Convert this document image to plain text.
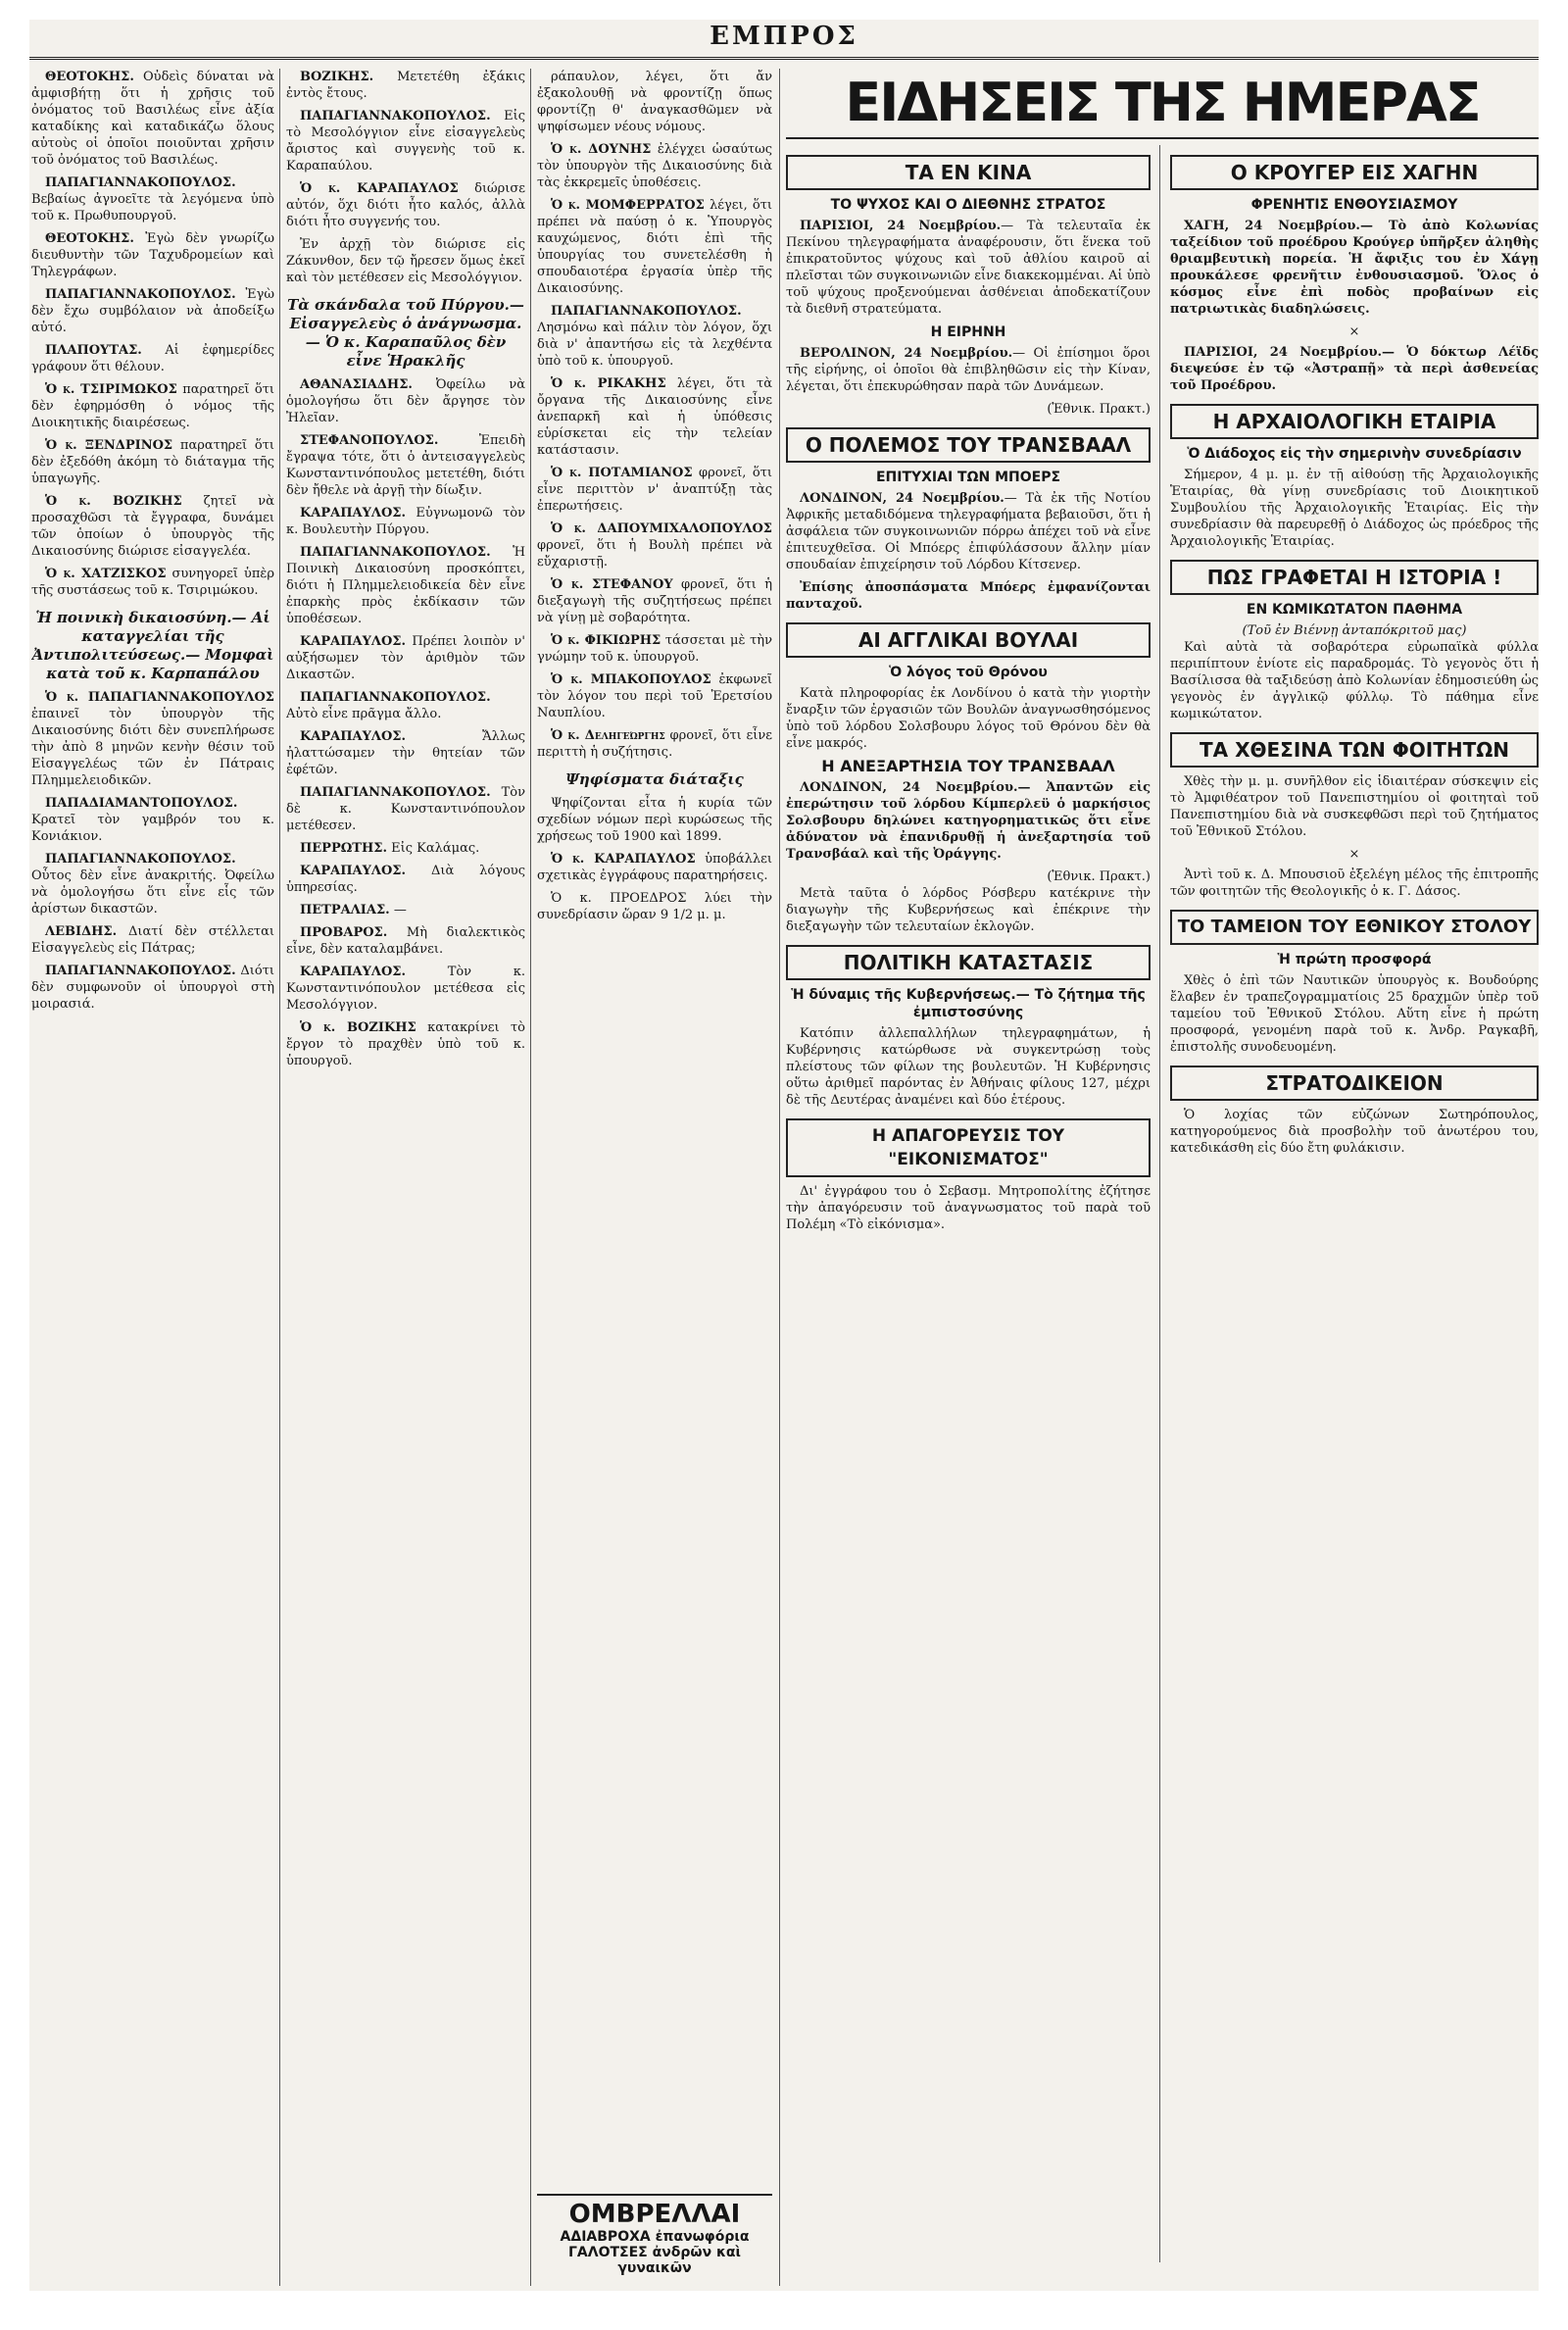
ΕΜΠΡΟΣ

ΘΕΟΤΟΚΗΣ. Οὐδεὶς δύναται νὰ ἀμφισβήτῃ ὅτι ἡ χρῆσις τοῦ ὀνόματος τοῦ Βασιλέως εἶνε ἀξία καταδίκης καὶ καταδικάζω ὅλους αὐτοὺς οἱ ὁποῖοι ποιοῦνται χρῆσιν τοῦ ὀνόματος τοῦ Βασιλέως.

ΠΑΠΑΓΙΑΝΝΑΚΟΠΟΥΛΟΣ. Βεβαίως ἀγνοεῖτε τὰ λεγόμενα ὑπὸ τοῦ κ. Πρωθυπουργοῦ.

ΘΕΟΤΟΚΗΣ. Ἐγὼ δὲν γνωρίζω διευθυντὴν τῶν Ταχυδρομείων καὶ Τηλεγράφων.

ΠΑΠΑΓΙΑΝΝΑΚΟΠΟΥΛΟΣ. Ἐγὼ δὲν ἔχω συμβόλαιον νὰ ἀποδείξω αὐτό.

ΠΛΑΠΟΥΤΑΣ. Αἱ ἐφημερίδες γράφουν ὅτι θέλουν.

Ὁ κ. ΤΣΙΡΙΜΩΚΟΣ παρατηρεῖ ὅτι δὲν ἐφηρμόσθη ὁ νόμος τῆς Διοικητικῆς διαιρέσεως.

Ὁ κ. ΞΕΝΔΡΙΝΟΣ παρατηρεῖ ὅτι δὲν ἐξεδόθη ἀκόμη τὸ διάταγμα τῆς ὑπαγωγῆς.

Ὁ κ. ΒΟΖΙΚΗΣ ζητεῖ νὰ προσαχθῶσι τὰ ἔγγραφα, δυνάμει τῶν ὁποίων ὁ ὑπουργὸς τῆς Δικαιοσύνης διώρισε εἰσαγγελέα.

Ὁ κ. ΧΑΤΖΙΣΚΟΣ συνηγορεῖ ὑπὲρ τῆς συστάσεως τοῦ κ. Τσιριμώκου.

Ἡ ποινικὴ δικαιοσύνη.— Αἱ καταγγελίαι τῆς Ἀντιπολιτεύσεως.— Μομφαὶ κατὰ τοῦ κ. Καρπαπάλου

Ὁ κ. ΠΑΠΑΓΙΑΝΝΑΚΟΠΟΥΛΟΣ ἐπαινεῖ τὸν ὑπουργὸν τῆς Δικαιοσύνης διότι δὲν συνεπλήρωσε τὴν ἀπὸ 8 μηνῶν κενὴν θέσιν τοῦ Εἰσαγγελέως τῶν ἐν Πάτραις Πλημμελειοδικῶν.

ΠΑΠΑΔΙΑΜΑΝΤΟΠΟΥΛΟΣ. Κρατεῖ τὸν γαμβρόν του κ. Κονιάκιον.

ΠΑΠΑΓΙΑΝΝΑΚΟΠΟΥΛΟΣ. Οὗτος δὲν εἶνε ἀνακριτής. Ὀφείλω νὰ ὁμολογήσω ὅτι εἶνε εἷς τῶν ἀρίστων δικαστῶν.

ΛΕΒΙΔΗΣ. Διατί δὲν στέλλεται Εἰσαγγελεὺς εἰς Πάτρας;

ΠΑΠΑΓΙΑΝΝΑΚΟΠΟΥΛΟΣ. Διότι δὲν συμφωνοῦν οἱ ὑπουργοὶ στὴ μοιρασιά.

ΒΟΖΙΚΗΣ. Μετετέθη ἐξάκις ἐντὸς ἔτους.

ΠΑΠΑΓΙΑΝΝΑΚΟΠΟΥΛΟΣ. Εἰς τὸ Μεσολόγγιον εἶνε εἰσαγγελεὺς ἄριστος καὶ συγγενὴς τοῦ κ. Καραπαύλου.

Ὁ κ. ΚΑΡΑΠΑΥΛΟΣ διώρισε αὐτόν, ὅχι διότι ἦτο καλός, ἀλλὰ διότι ἦτο συγγενής του.

Ἐν ἀρχῇ τὸν διώρισε εἰς Ζάκυνθον, δεν τῷ ἤρεσεν ὅμως ἐκεῖ καὶ τὸν μετέθεσεν εἰς Μεσολόγγιον.

Τὰ σκάνδαλα τοῦ Πύργου.— Εἰσαγγελεὺς ὁ ἀνάγνωσμα.— Ὁ κ. Καραπαῦλος δὲν εἶνε Ἡρακλῆς

ΑΘΑΝΑΣΙΑΔΗΣ. Ὀφείλω νὰ ὁμολογήσω ὅτι δὲν ἄργησε τὸν Ἠλεῖαν.

ΣΤΕΦΑΝΟΠΟΥΛΟΣ.	Ἐπειδὴ ἔγραψα τότε, ὅτι ὁ ἀντεισαγγελεὺς Κωνσταντινόπουλος μετετέθη, διότι δὲν ἤθελε νὰ ἀργῇ τὴν δίωξιν.

ΚΑΡΑΠΑΥΛΟΣ. Εὐγνωμονῶ τὸν κ. Βουλευτὴν Πύργου.

ΠΑΠΑΓΙΑΝΝΑΚΟΠΟΥΛΟΣ. Ἡ Ποινικὴ Δικαιοσύνη προσκόπτει, διότι ἡ Πλημμελειοδικεία δὲν εἶνε ἐπαρκὴς πρὸς ἐκδίκασιν τῶν ὑποθέσεων.

ΚΑΡΑΠΑΥΛΟΣ. Πρέπει λοιπὸν ν' αὐξήσωμεν τὸν ἀριθμὸν τῶν Δικαστῶν.

ΠΑΠΑΓΙΑΝΝΑΚΟΠΟΥΛΟΣ. Αὐτὸ εἶνε πρᾶγμα ἄλλο.

ΚΑΡΑΠΑΥΛΟΣ.	Ἄλλως ἠλαττώσαμεν τὴν θητείαν τῶν ἐφέτῶν.

ΠΑΠΑΓΙΑΝΝΑΚΟΠΟΥΛΟΣ. Τὸν δὲ κ. Κωνσταντινόπουλον μετέθεσεν.

ΠΕΡΡΩΤΗΣ. Εἰς Καλάμας.

ΚΑΡΑΠΑΥΛΟΣ. Διὰ λόγους ὑπηρεσίας.

ΠΕΤΡΑΛΙΑΣ. —

ΠΡΟΒΑΡΟΣ. Μὴ διαλεκτικὸς εἶνε, δὲν καταλαμβάνει.

ΚΑΡΑΠΑΥΛΟΣ.	Τὸν κ. Κωνσταντινόπουλον μετέθεσα εἰς Μεσολόγγιον.

Ὁ κ. ΒΟΖΙΚΗΣ κατακρίνει τὸ ἔργον τὸ πραχθὲν ὑπὸ τοῦ κ. ὑπουργοῦ.

ράπαυλον, λέγει, ὅτι ἄν ἐξακολουθῇ νὰ φροντίζῃ ὅπως φροντίζῃ θ' ἀναγκασθῶμεν νὰ ψηφίσωμεν νέους νόμους.

Ὁ κ. ΔΟΥΝΗΣ ἐλέγχει ὡσαύτως τὸν ὑπουργὸν τῆς Δικαιοσύνης διὰ τὰς ἐκκρεμεῖς ὑποθέσεις.

Ὁ κ. ΜΟΜΦΕΡΡΑΤΟΣ λέγει, ὅτι πρέπει νὰ παύσῃ ὁ κ. Ὑπουργὸς καυχώμενος, διότι ἐπὶ τῆς ὑπουργίας του συνετελέσθη ἡ σπουδαιοτέρα ἐργασία ὑπὲρ τῆς Δικαιοσύνης.

ΠΑΠΑΓΙΑΝΝΑΚΟΠΟΥΛΟΣ. Λησμόνω καὶ πάλιν τὸν λόγον, ὅχι διὰ ν' ἀπαντήσω εἰς τὰ λεχθέντα ὑπὸ τοῦ κ. ὑπουργοῦ.

Ὁ κ. ΡΙΚΑΚΗΣ λέγει, ὅτι τὰ ὄργανα τῆς Δικαιοσύνης εἶνε ἀνεπαρκῆ καὶ ἡ ὑπόθεσις εὑρίσκεται εἰς τὴν τελείαν κατάστασιν.

Ὁ κ. ΠΟΤΑΜΙΑΝΟΣ φρονεῖ, ὅτι εἶνε περιττὸν ν' ἀναπτύξῃ τὰς ἐπερωτήσεις.

Ὁ κ. ΔΑΠΟΥΜΙΧΑΛΟΠΟΥΛΟΣ φρονεῖ, ὅτι ἡ Βουλὴ πρέπει νὰ εὔχαριστῇ.

Ὁ κ. ΣΤΕΦΑΝΟΥ φρονεῖ, ὅτι ἡ διεξαγωγὴ τῆς συζητήσεως πρέπει νὰ γίνῃ μὲ σοβαρότητα.

Ὁ κ. ΦΙΚΙΩΡΗΣ τάσσεται μὲ τὴν γνώμην τοῦ κ. ὑπουργοῦ.

Ὁ κ. ΜΠΑΚΟΠΟΥΛΟΣ ἐκφωνεῖ τὸν λόγον του περὶ τοῦ Ἐρετσίου Ναυπλίου.

Ὁ κ. Δεληγεώργης φρονεῖ, ὅτι εἶνε περιττὴ ἡ συζήτησις.

Ψηφίσματα διάταξις

Ψηφίζονται εἶτα ἡ κυρία τῶν σχεδίων νόμων περὶ κυρώσεως τῆς χρήσεως τοῦ 1900 καὶ 1899.

Ὁ κ. ΚΑΡΑΠΑΥΛΟΣ ὑποβάλλει σχετικὰς ἐγγράφους παρατηρήσεις.

Ὁ κ. ΠΡΟΕΔΡΟΣ λύει τὴν συνεδρίασιν ὥραν 9 1/2 μ. μ.

ΟΜΒΡΕΛΛΑΙ
ΑΔΙΑΒΡΟΧΑ ἐπανωφόρια
ΓΑΛΟΤΣΕΣ ἀνδρῶν καὶ γυναικῶν
ΕΙΔΗΣΕΙΣ ΤΗΣ ΗΜΕΡΑΣ
ΤΑ ΕΝ ΚΙΝΑ
ΤΟ ΨΥΧΟΣ ΚΑΙ Ο ΔΙΕΘΝΗΣ ΣΤΡΑΤΟΣ

ΠΑΡΙΣΙΟΙ, 24 Νοεμβρίου.— Τὰ τελευταῖα ἐκ Πεκίνου τηλεγραφήματα ἀναφέρουσιν, ὅτι ἕνεκα τοῦ ἐπικρατοῦντος ψύχους καὶ τοῦ ἀθλίου καιροῦ αἱ πλεῖσται τῶν συγκοινωνιῶν εἶνε διακεκομμέναι. Αἱ ὑπὸ τοῦ ψύχους προξενούμεναι ἀσθένειαι ἀποδεκατίζουν τὰ διεθνῆ στρατεύματα.

Η ΕΙΡΗΝΗ

ΒΕΡΟΛΙΝΟΝ, 24 Νοεμβρίου.— Οἱ ἐπίσημοι ὅροι τῆς εἰρήνης, οἱ ὁποῖοι θὰ ἐπιβληθῶσιν εἰς τὴν Κίναν, λέγεται, ὅτι ἐπεκυρώθησαν παρὰ τῶν Δυνάμεων.

(Ἐθνικ. Πρακτ.)
Ο ΠΟΛΕΜΟΣ ΤΟΥ ΤΡΑΝΣΒΑΑΛ
ΕΠΙΤΥΧΙΑΙ ΤΩΝ ΜΠΟΕΡΣ

ΛΟΝΔΙΝΟΝ, 24 Νοεμβρίου.— Τὰ ἐκ τῆς Νοτίου Ἀφρικῆς μεταδιδόμενα τηλεγραφήματα βεβαιοῦσι, ὅτι ἡ ἀσφάλεια τῶν συγκοινωνιῶν πόρρω ἀπέχει τοῦ νὰ εἶνε ἐπιτευχθεῖσα. Οἱ Μπόερς ἐπιφύλάσσουν ἄλλην μίαν σπουδαίαν ἐπιχείρησιν τοῦ Λόρδου Κίτσενερ.

Ἐπίσης ἀποσπάσματα Μπόερς ἐμφανίζονται πανταχοῦ.

ΑΙ ΑΓΓΛΙΚΑΙ ΒΟΥΛΑΙ
Ὁ λόγος τοῦ Θρόνου

Κατὰ πληροφορίας ἐκ Λονδίνου ὁ κατὰ τὴν γιορτὴν ἔναρξιν τῶν ἐργασιῶν τῶν Βουλῶν ἀναγνωσθησόμενος ὑπὸ τοῦ λόρδου Σολσβουρυ λόγος τοῦ Θρόνου δὲν θὰ εἶνε μακρός.

Η ΑΝΕΞΑΡΤΗΣΙΑ ΤΟΥ ΤΡΑΝΣΒΑΑΛ

ΛΟΝΔΙΝΟΝ, 24 Νοεμβρίου.— Ἀπαντῶν εἰς ἐπερώτησιν τοῦ λόρδου Κίμπερλεϋ ὁ μαρκήσιος Σολσβουρυ δηλώνει κατηγορηματικῶς ὅτι εἶνε ἀδύνατον νὰ ἐπανιδρυθῇ ἡ ἀνεξαρτησία τοῦ Τρανσβάαλ καὶ τῆς Ὀράγγης.

(Ἐθνικ. Πρακτ.)

Μετὰ ταῦτα ὁ λόρδος Ρόσβερυ κατέκρινε τὴν διαγωγὴν τῆς Κυβερνήσεως καὶ ἐπέκρινε τὴν διεξαγωγὴν τῶν τελευταίων ἐκλογῶν.

ΠΟΛΙΤΙΚΗ ΚΑΤΑΣΤΑΣΙΣ
Ἡ δύναμις τῆς Κυβερνήσεως.— Τὸ ζήτημα τῆς ἐμπιστοσύνης

Κατόπιν ἀλλεπαλλήλων τηλεγραφημάτων, ἡ Κυβέρνησις κατώρθωσε νὰ συγκεντρώσῃ τοὺς πλείστους τῶν φίλων της βουλευτῶν. Ἡ Κυβέρνησις οὕτω ἀριθμεῖ παρόντας ἐν Ἀθήναις φίλους 127, μέχρι δὲ τῆς Δευτέρας ἀναμένει καὶ δύο ἑτέρους.

Η ΑΠΑΓΟΡΕΥΣΙΣ ΤΟΥ "ΕΙΚΟΝΙΣΜΑΤΟΣ"

Δι' ἐγγράφου του ὁ Σεβασμ. Μητροπολίτης ἐζήτησε τὴν ἀπαγόρευσιν τοῦ ἀναγνωσματος τοῦ παρὰ τοῦ Πολέμη «Τὸ εἰκόνισμα».

Ο ΚΡΟΥΓΕΡ ΕΙΣ ΧΑΓΗΝ
ΦΡΕΝΗΤΙΣ ΕΝΘΟΥΣΙΑΣΜΟΥ

ΧΑΓΗ, 24 Νοεμβρίου.— Τὸ ἀπὸ Κολωνίας ταξείδιον τοῦ προέδρου Κρούγερ ὑπῆρξεν ἀληθὴς θριαμβευτικὴ πορεία. Ἡ ἄφιξις του ἐν Χάγῃ προυκάλεσε φρενῆτιν ἐνθουσιασμοῦ. Ὅλος ὁ κόσμος εἶνε ἐπὶ ποδὸς προβαίνων εἰς πατριωτικὰς διαδηλώσεις.

×

ΠΑΡΙΣΙΟΙ, 24 Νοεμβρίου.— Ὁ δόκτωρ Λέϊδς διεψεύσε ἐν τῷ «Ἀστραπῇ» τὰ περὶ ἀσθενείας τοῦ Προέδρου.

Η ΑΡΧΑΙΟΛΟΓΙΚΗ ΕΤΑΙΡΙΑ
Ὁ Διάδοχος εἰς τὴν σημερινὴν συνεδρίασιν

Σήμερον, 4 μ. μ. ἐν τῇ αἰθούσῃ τῆς Ἀρχαιολογικῆς Ἑταιρίας, θὰ γίνῃ συνεδρίασις τοῦ Διοικητικοῦ Συμβουλίου τῆς Ἀρχαιολογικῆς Ἑταιρίας. Εἰς τὴν συνεδρίασιν θὰ παρευρεθῇ ὁ Διάδοχος ὡς πρόεδρος τῆς Ἀρχαιολογικῆς Ἑταιρίας.

ΠΩΣ ΓΡΑΦΕΤΑΙ Η ΙΣΤΟΡΙΑ !
ΕΝ ΚΩΜΙΚΩΤΑΤΟΝ ΠΑΘΗΜΑ
(Τοῦ ἐν Βιέννῃ ἀνταπόκριτοῦ μας)

Καὶ αὐτὰ τὰ σοβαρότερα εὐρωπαϊκὰ φύλλα περιπίπτουν ἐνίοτε εἰς παραδρομάς. Τὸ γεγονὸς ὅτι ἡ Βασίλισσα θὰ ταξιδεύσῃ ἀπὸ Κολωνίαν ἐδημοσιεύθη ὡς γεγονὸς ἐν ἀγγλικῷ φύλλῳ. Τὸ πάθημα εἶνε κωμικώτατον.

ΤΑ ΧΘΕΣΙΝΑ ΤΩΝ ΦΟΙΤΗΤΩΝ

Χθὲς τὴν μ. μ. συνῆλθον εἰς ἱδιαιτέραν σύσκεψιν εἰς τὸ Ἀμφιθέατρον τοῦ Πανεπιστημίου οἱ φοιτηταὶ τοῦ Πανεπιστημίου διὰ νὰ συσκεφθῶσι περὶ τοῦ ζητήματος τοῦ Ἐθνικοῦ Στόλου.

×

Ἀντὶ τοῦ κ. Δ. Μπουσιοῦ ἐξελέγη μέλος τῆς ἐπιτροπῆς τῶν φοιτητῶν τῆς Θεολογικῆς ὁ κ. Γ. Δάσος.

ΤΟ ΤΑΜΕΙΟΝ ΤΟΥ ΕΘΝΙΚΟΥ ΣΤΟΛΟΥ
Ἡ πρώτη προσφορά

Χθὲς ὁ ἐπὶ τῶν Ναυτικῶν ὑπουργὸς κ. Βουδούρης ἔλαβεν ἐν τραπεζογραμματίοις 25 δραχμῶν ὑπὲρ τοῦ ταμείου τοῦ Ἐθνικοῦ Στόλου. Αὕτη εἶνε ἡ πρώτη προσφορά, γενομένη παρὰ τοῦ κ. Ἀνδρ. Ραγκαβῆ, ἐπιστολῆς συνοδευομένη.

ΣΤΡΑΤΟΔΙΚΕΙΟΝ

Ὁ λοχίας τῶν εὐζώνων Σωτηρόπουλος, κατηγορούμενος διὰ προσβολὴν τοῦ ἀνωτέρου του, κατεδικάσθη εἰς δύο ἔτη φυλάκισιν.
